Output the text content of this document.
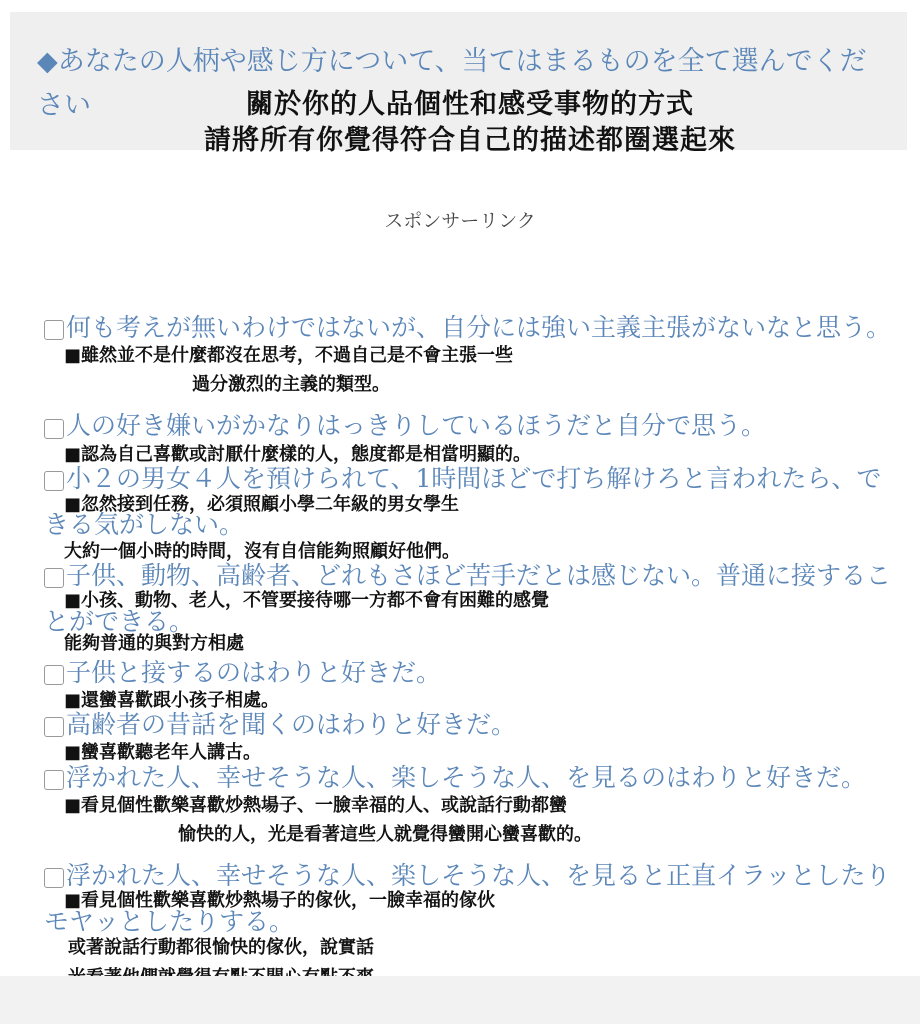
◆あなたの人柄や感じ方について、当てはまるものを全て選んでください	關於你的人品個性和感受事物的方式

請將所有你覺得符合自己的描述都圈選起來

スポンサーリンク

何も考えが無いわけではないが、自分には強い主義主張がないなと思う。

■雖然並不是什麼都沒在思考，不過自己是不會主張一些

過分激烈的主義的類型。

人の好き嫌いがかなりはっきりしているほうだと自分で思う。

■認為自己喜歡或討厭什麼樣的人，態度都是相當明顯的。

小２の男女４人を預けられて、1時間ほどで打ち解けろと言われたら、できる気がしない。

■忽然接到任務，必須照顧小學二年級的男女學生

大約一個小時的時間，沒有自信能夠照顧好他們。

子供、動物、高齢者、どれもさほど苦手だとは感じない。普通に接することができる。

■小孩、動物、老人，不管要接待哪一方都不會有困難的感覺

能夠普通的與對方相處

子供と接するのはわりと好きだ。

■還蠻喜歡跟小孩子相處。

高齢者の昔話を聞くのはわりと好きだ。

■蠻喜歡聽老年人講古。

浮かれた人、幸せそうな人、楽しそうな人、を見るのはわりと好きだ。

■看見個性歡樂喜歡炒熱場子、一臉幸福的人、或說話行動都蠻

愉快的人，光是看著這些人就覺得蠻開心蠻喜歡的。

浮かれた人、幸せそうな人、楽しそうな人、を見ると正直イラッとしたりモヤッとしたりする。

■看見個性歡樂喜歡炒熱場子的傢伙，一臉幸福的傢伙

或著說話行動都很愉快的傢伙，說實話
